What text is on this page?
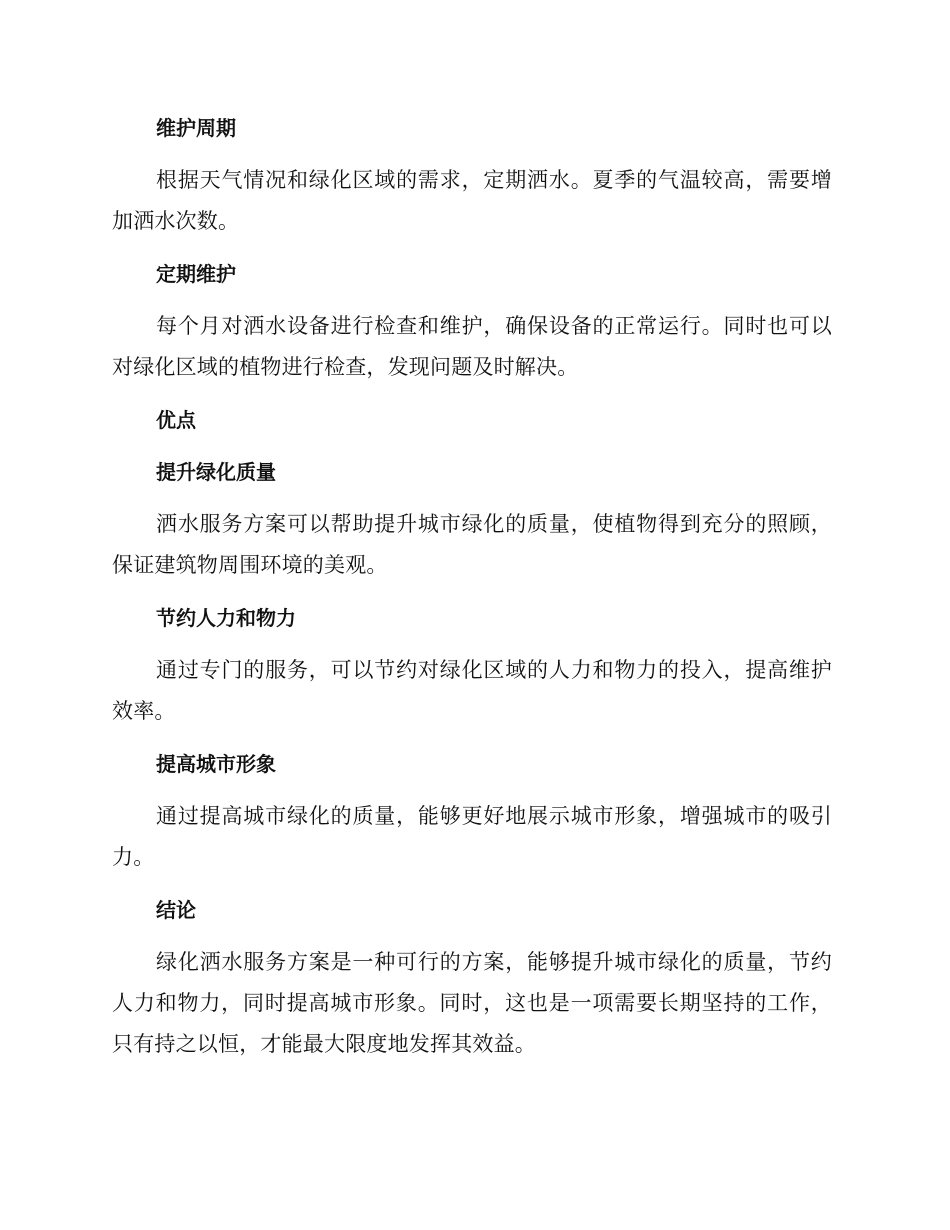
维护周期

根据天气情况和绿化区域的需求，定期洒水。夏季的气温较高，需要增加洒水次数。

定期维护

每个月对洒水设备进行检查和维护，确保设备的正常运行。同时也可以对绿化区域的植物进行检查，发现问题及时解决。

优点
提升绿化质量

洒水服务方案可以帮助提升城市绿化的质量，使植物得到充分的照顾，保证建筑物周围环境的美观。

节约人力和物力

通过专门的服务，可以节约对绿化区域的人力和物力的投入，提高维护效率。

提高城市形象

通过提高城市绿化的质量，能够更好地展示城市形象，增强城市的吸引力。

结论

绿化洒水服务方案是一种可行的方案，能够提升城市绿化的质量，节约人力和物力，同时提高城市形象。同时，这也是一项需要长期坚持的工作，只有持之以恒，才能最大限度地发挥其效益。
